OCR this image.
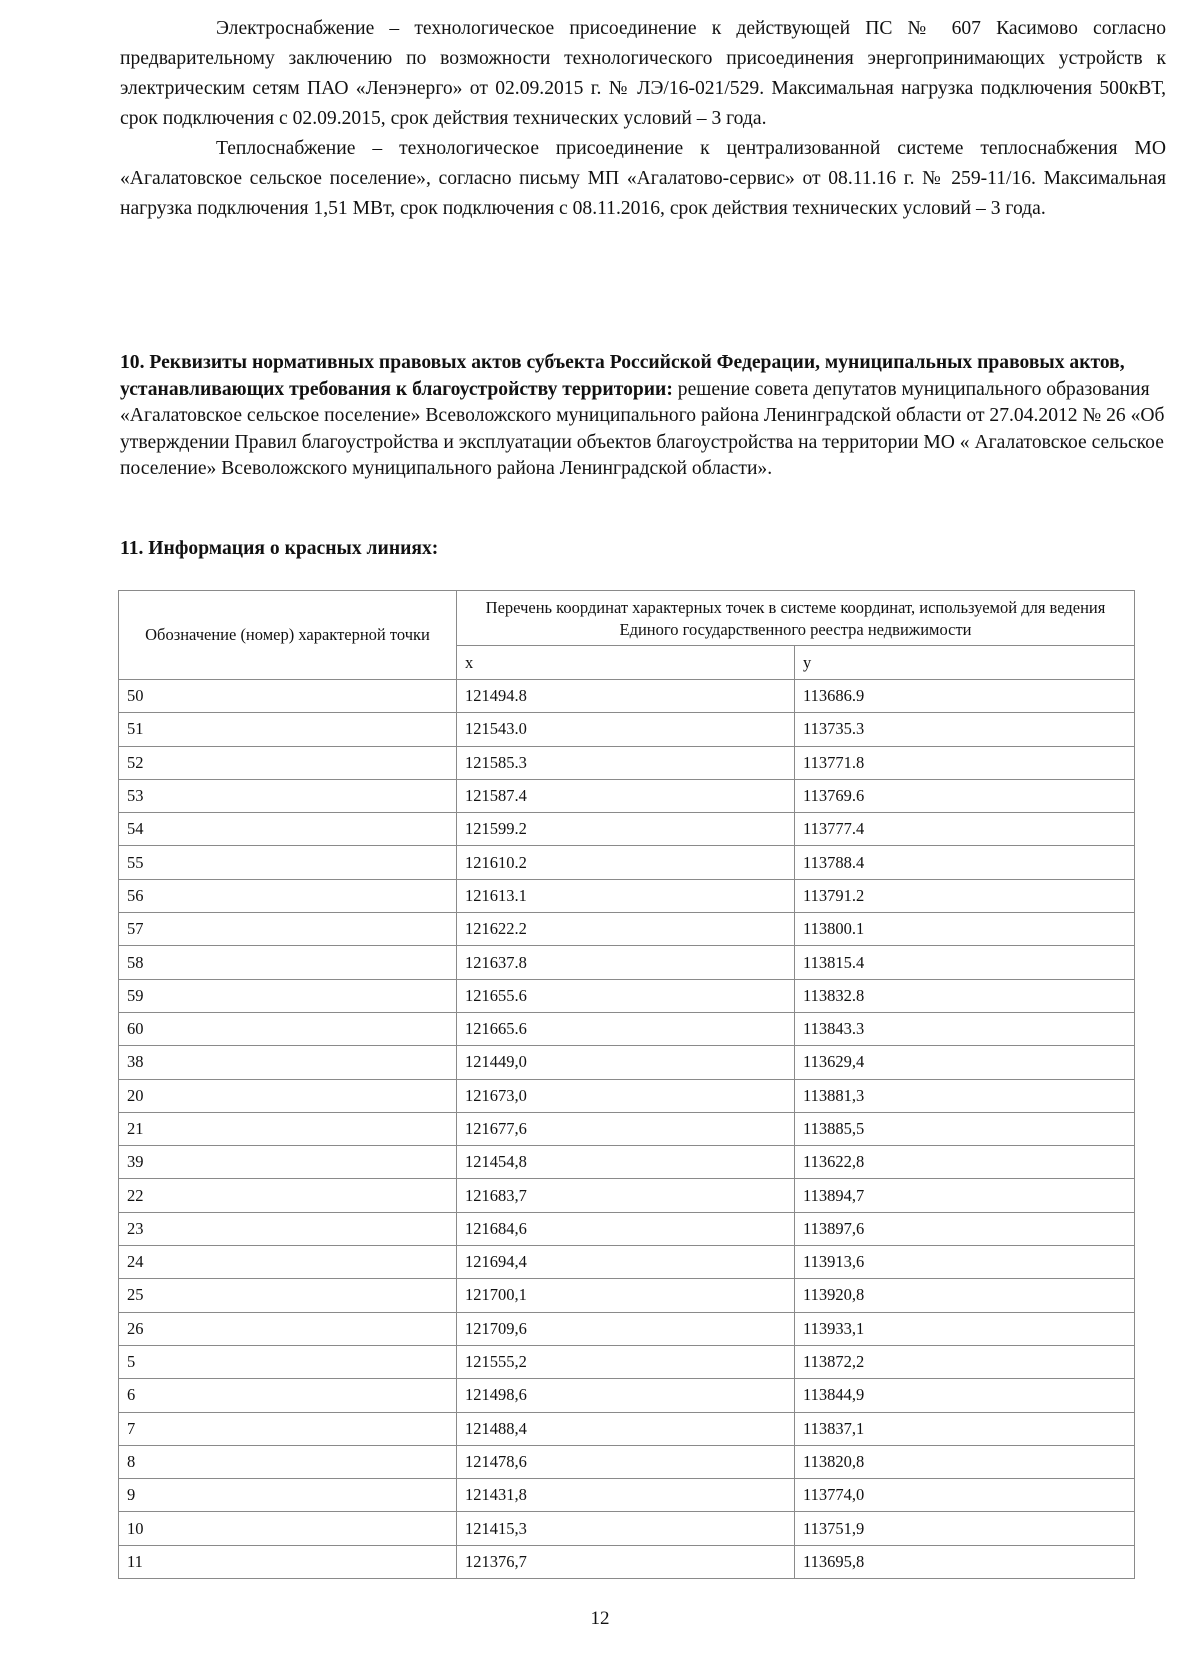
Электроснабжение – технологическое присоединение к действующей ПС № 607 Касимово согласно предварительному заключению по возможности технологического присоединения энергопринимающих устройств к электрическим сетям ПАО «Ленэнерго» от 02.09.2015 г. № ЛЭ/16-021/529. Максимальная нагрузка подключения 500кВТ, срок подключения с 02.09.2015, срок действия технических условий – 3 года.

Теплоснабжение – технологическое присоединение к централизованной системе теплоснабжения МО «Агалатовское сельское поселение», согласно письму МП «Агалатово-сервис» от 08.11.16 г. № 259-11/16. Максимальная нагрузка подключения 1,51 МВт, срок подключения с 08.11.2016, срок действия технических условий – 3 года.

10. Реквизиты нормативных правовых актов субъекта Российской Федерации, муниципальных правовых актов, устанавливающих требования к благоустройству территории: решение совета депутатов муниципального образования «Агалатовское сельское поселение» Всеволожского муниципального района Ленинградской области от 27.04.2012 № 26 «Об утверждении Правил благоустройства и эксплуатации объектов благоустройства на территории МО « Агалатовское сельское поселение» Всеволожского муниципального района Ленинградской области».

11. Информация о красных линиях:

Обозначение (номер) характерной точки	Перечень координат характерных точек в системе координат, используемой для ведения Единого государственного реестра недвижимости	
	x	y
50	121494.8	113686.9
51	121543.0	113735.3
52	121585.3	113771.8
53	121587.4	113769.6
54	121599.2	113777.4
55	121610.2	113788.4
56	121613.1	113791.2
57	121622.2	113800.1
58	121637.8	113815.4
59	121655.6	113832.8
60	121665.6	113843.3
38	121449,0	113629,4
20	121673,0	113881,3
21	121677,6	113885,5
39	121454,8	113622,8
22	121683,7	113894,7
23	121684,6	113897,6
24	121694,4	113913,6
25	121700,1	113920,8
26	121709,6	113933,1
5	121555,2	113872,2
6	121498,6	113844,9
7	121488,4	113837,1
8	121478,6	113820,8
9	121431,8	113774,0
10	121415,3	113751,9
11	121376,7	113695,8
12
